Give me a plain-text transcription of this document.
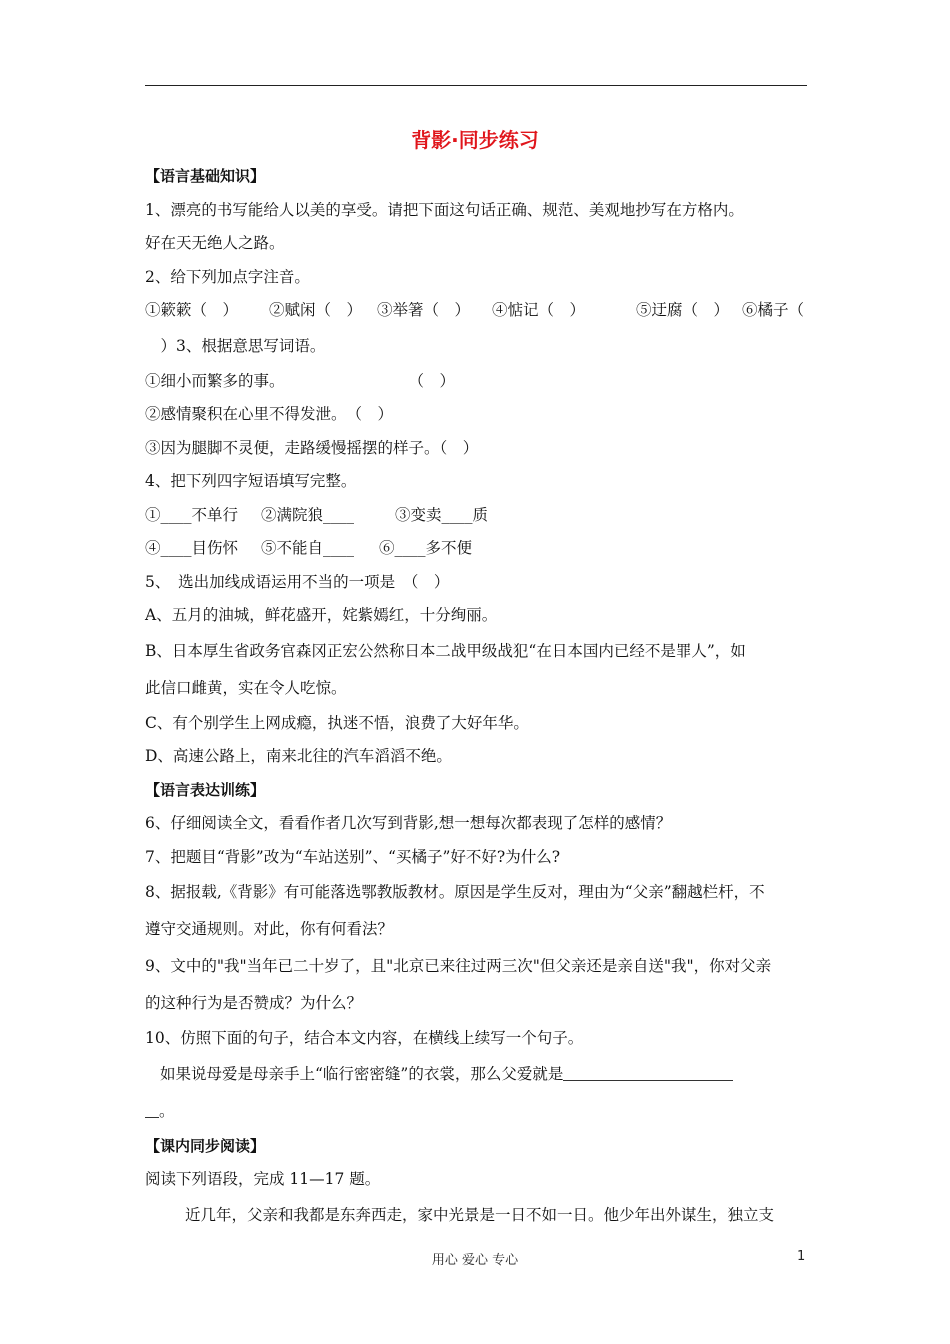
背影·同步练习
【语言基础知识】
1、漂亮的书写能给人以美的享受。请把下面这句话正确、规范、美观地抄写在方格内。
好在天无绝人之路。
2、给下列加点字注音。
①簌簌（　） ②赋闲（　） ③举箸（　） ④惦记（　）	⑤迂腐（　） ⑥橘子（
　）3、根据意思写词语。
①细小而繁多的事。　　　　　　　　　（　）
②感情聚积在心里不得发泄。　（　）
③因为腿脚不灵便，走路缓慢摇摆的样子。（　）
4、把下列四字短语填写完整。
①____不单行 ②满院狼____	③变卖____质
④____目伤怀 ⑤不能自____ ⑥____多不便
5、　选出加线成语运用不当的一项是　（　）
A、五月的油城，鲜花盛开，姹紫嫣红，十分绚丽。
B、日本厚生省政务官森冈正宏公然称日本二战甲级战犯“在日本国内已经不是罪人”，如
此信口雌黄，实在令人吃惊。
C、有个别学生上网成瘾，执迷不悟，浪费了大好年华。
D、高速公路上，南来北往的汽车滔滔不绝。
【语言表达训练】
6、仔细阅读全文，看看作者几次写到背影,想一想每次都表现了怎样的感情？
7、把题目“背影”改为“车站送别”、“买橘子”好不好?为什么?
8、据报载,《背影》有可能落选鄂教版教材。原因是学生反对，理由为“父亲”翻越栏杆，不
遵守交通规则。对此，你有何看法？
9、文中的"我"当年已二十岁了，且"北京已来往过两三次"但父亲还是亲自送"我"，你对父亲
的这种行为是否赞成？为什么？
10、仿照下面的句子，结合本文内容，在横线上续写一个句子。
如果说母爱是母亲手上“临行密密缝”的衣裳，那么父爱就是
。
【课内同步阅读】
阅读下列语段，完成 11—17 题。
近几年，父亲和我都是东奔西走，家中光景是一日不如一日。他少年出外谋生，独立支
用心 爱心 专心	1
